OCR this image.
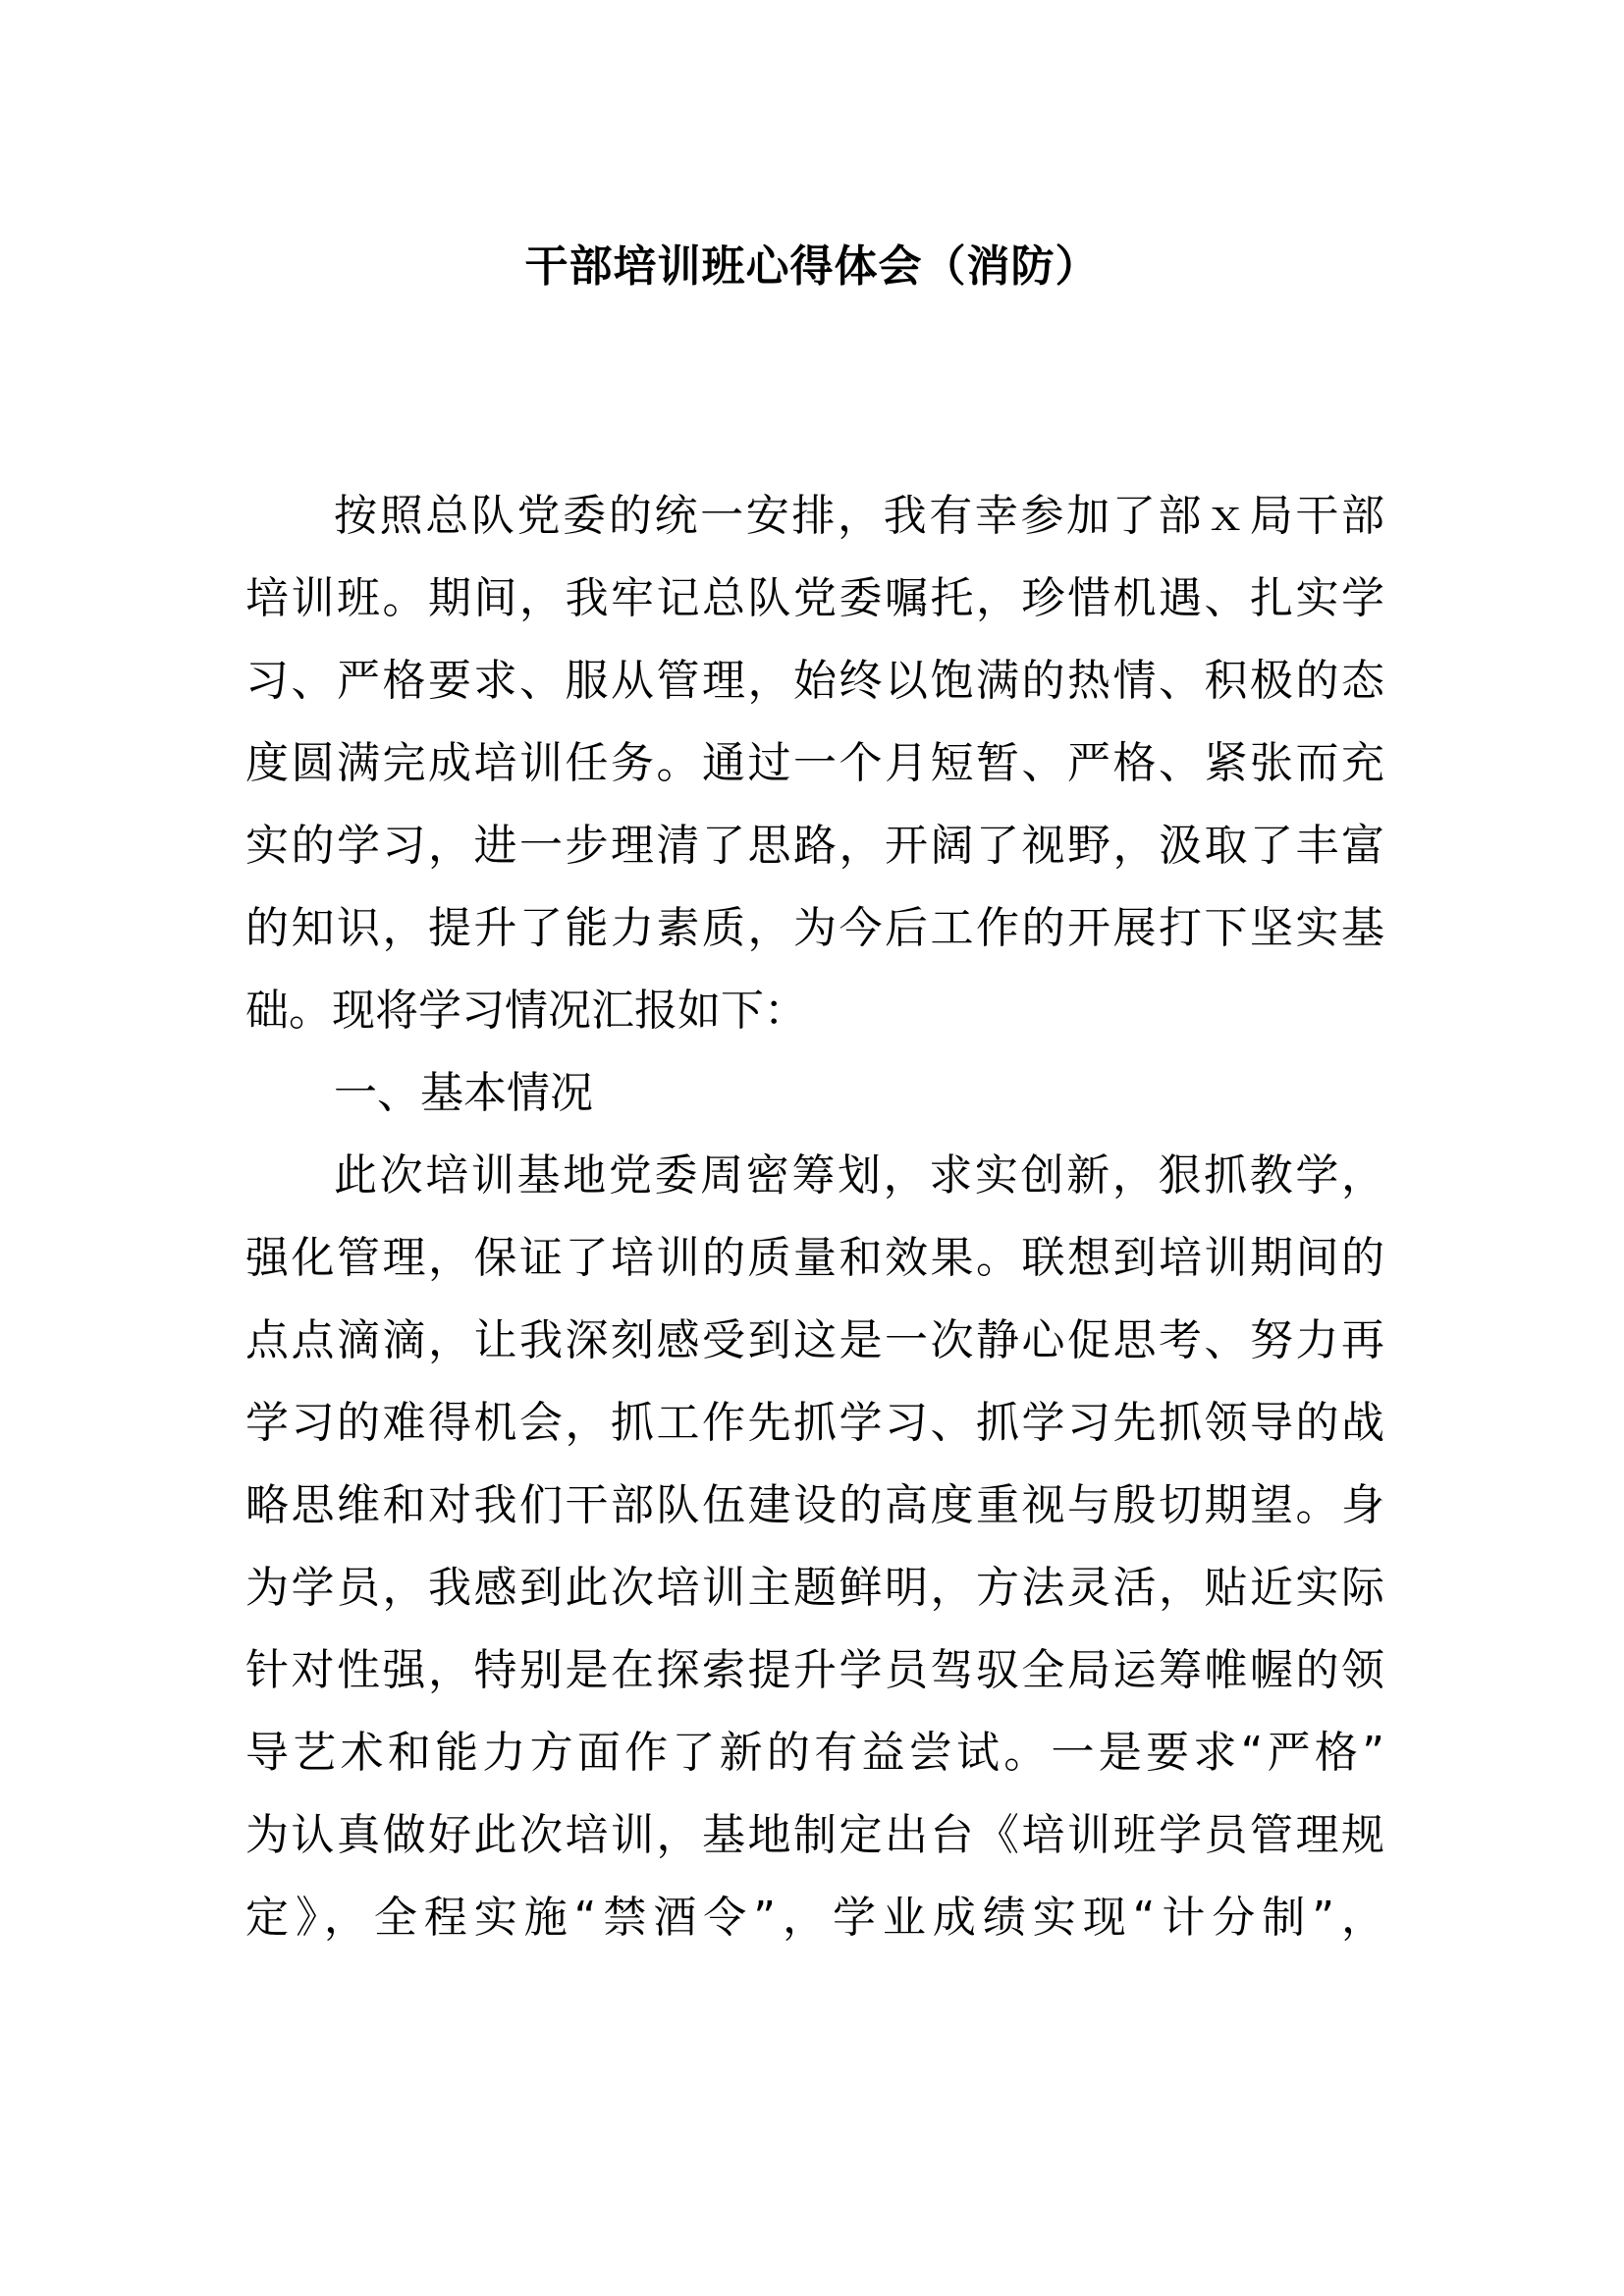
干部培训班心得体会（消防）
按照总队党委的统一安排，我有幸参加了部ｘ局干部
培训班。期间，我牢记总队党委嘱托，珍惜机遇、扎实学
习、严格要求、服从管理，始终以饱满的热情、积极的态
度圆满完成培训任务。通过一个月短暂、严格、紧张而充
实的学习，进一步理清了思路，开阔了视野，汲取了丰富
的知识，提升了能力素质，为今后工作的开展打下坚实基
础。现将学习情况汇报如下：
一、基本情况
此次培训基地党委周密筹划，求实创新，狠抓教学，
强化管理，保证了培训的质量和效果。联想到培训期间的
点点滴滴，让我深刻感受到这是一次静心促思考、努力再
学习的难得机会，抓工作先抓学习、抓学习先抓领导的战
略思维和对我们干部队伍建设的高度重视与殷切期望。身
为学员，我感到此次培训主题鲜明，方法灵活，贴近实际
针对性强，特别是在探索提升学员驾驭全局运筹帷幄的领
导艺术和能力方面作了新的有益尝试。一是要求“严格”
为认真做好此次培训，基地制定出台《培训班学员管理规
定》，全程实施“禁酒令”，学业成绩实现“计分制”，
